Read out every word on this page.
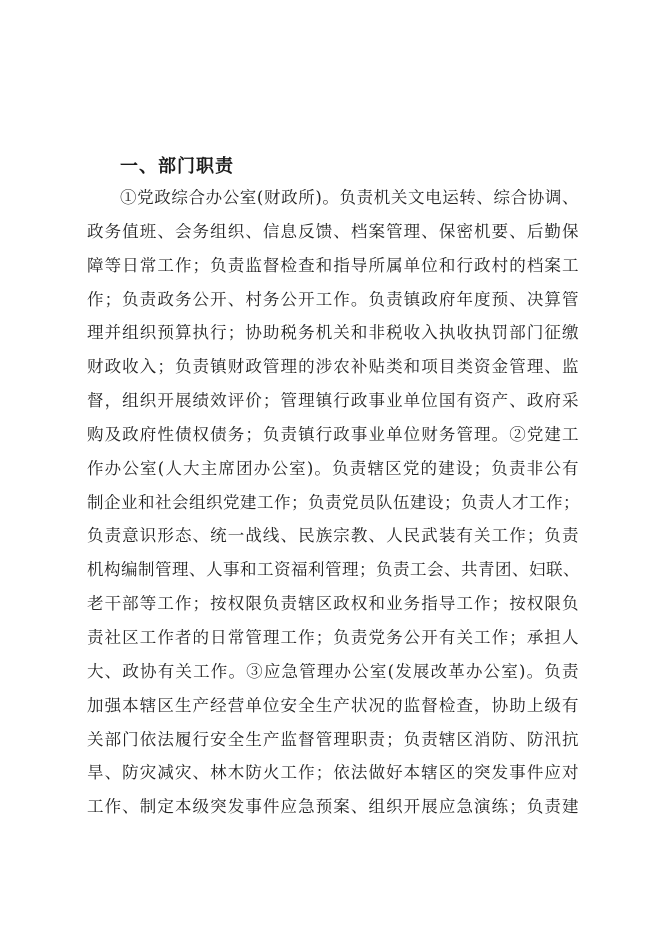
一、部门职责
①党政综合办公室(财政所)。负责机关文电运转、综合协调、
政务值班、会务组织、信息反馈、档案管理、保密机要、后勤保
障等日常工作；负责监督检查和指导所属单位和行政村的档案工
作；负责政务公开、村务公开工作。负责镇政府年度预、决算管
理并组织预算执行；协助税务机关和非税收入执收执罚部门征缴
财政收入；负责镇财政管理的涉农补贴类和项目类资金管理、监
督，组织开展绩效评价；管理镇行政事业单位国有资产、政府采
购及政府性债权债务；负责镇行政事业单位财务管理。②党建工
作办公室(人大主席团办公室)。负责辖区党的建设；负责非公有
制企业和社会组织党建工作；负责党员队伍建设；负责人才工作；
负责意识形态、统一战线、民族宗教、人民武装有关工作；负责
机构编制管理、人事和工资福利管理；负责工会、共青团、妇联、
老干部等工作；按权限负责辖区政权和业务指导工作；按权限负
责社区工作者的日常管理工作；负责党务公开有关工作；承担人
大、政协有关工作。③应急管理办公室(发展改革办公室)。负责
加强本辖区生产经营单位安全生产状况的监督检查，协助上级有
关部门依法履行安全生产监督管理职责；负责辖区消防、防汛抗
旱、防灾减灾、林木防火工作；依法做好本辖区的突发事件应对
工作、制定本级突发事件应急预案、组织开展应急演练；负责建
